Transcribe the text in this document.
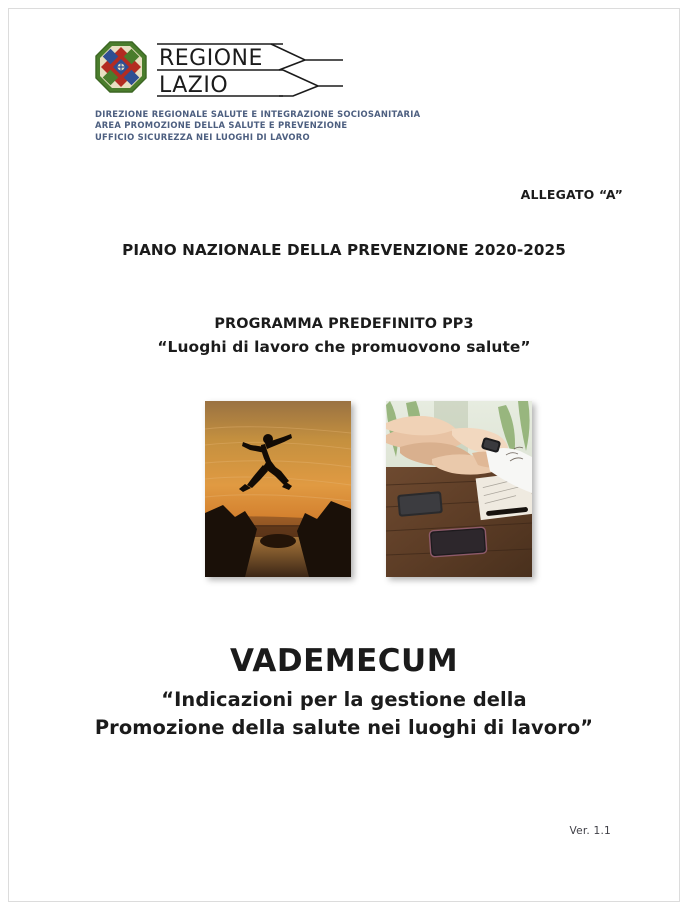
REGIONE
LAZIO
DIREZIONE REGIONALE SALUTE E INTEGRAZIONE SOCIOSANITARIA
AREA PROMOZIONE DELLA SALUTE E PREVENZIONE
UFFICIO SICUREZZA NEI LUOGHI DI LAVORO
ALLEGATO “A”
PIANO NAZIONALE DELLA PREVENZIONE 2020-2025
PROGRAMMA PREDEFINITO PP3
“Luoghi di lavoro che promuovono salute”
VADEMECUM
“Indicazioni per la gestione della
Promozione della salute nei luoghi di lavoro”
Ver. 1.1
